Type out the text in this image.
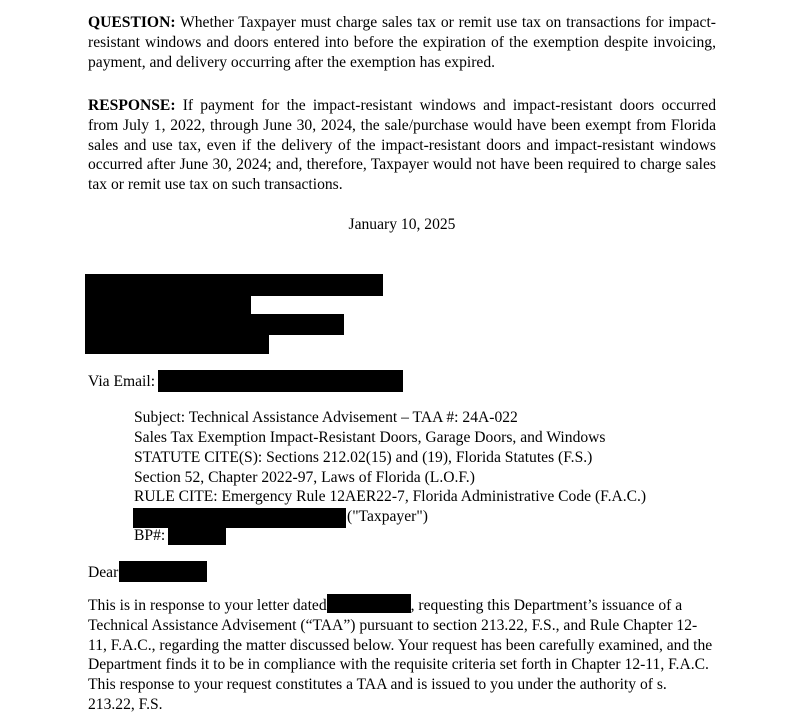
QUESTION: Whether Taxpayer must charge sales tax or remit use tax on transactions for impact-resistant windows and doors entered into before the expiration of the exemption despite invoicing, payment, and delivery occurring after the exemption has expired.

RESPONSE: If payment for the impact-resistant windows and impact-resistant doors occurred from July 1, 2022, through June 30, 2024, the sale/purchase would have been exempt from Florida sales and use tax, even if the delivery of the impact-resistant doors and impact-resistant windows occurred after June 30, 2024; and, therefore, Taxpayer would not have been required to charge sales tax or remit use tax on such transactions.

January 10, 2025
Via Email:
Subject: Technical Assistance Advisement – TAA #: 24A-022
Sales Tax Exemption Impact-Resistant Doors, Garage Doors, and Windows
STATUTE CITE(S): Sections 212.02(15) and (19), Florida Statutes (F.S.)
Section 52, Chapter 2022-97, Laws of Florida (L.O.F.)
RULE CITE: Emergency Rule 12AER22-7, Florida Administrative Code (F.A.C.)
("Taxpayer")
BP#:
Dear

This is in response to your letter dated	, requesting this Department’s issuance of a Technical Assistance Advisement (“TAA”) pursuant to section 213.22, F.S., and Rule Chapter 12-11, F.A.C., regarding the matter discussed below. Your request has been carefully examined, and the Department finds it to be in compliance with the requisite criteria set forth in Chapter 12-11, F.A.C. This response to your request constitutes a TAA and is issued to you under the authority of s. 213.22, F.S.
